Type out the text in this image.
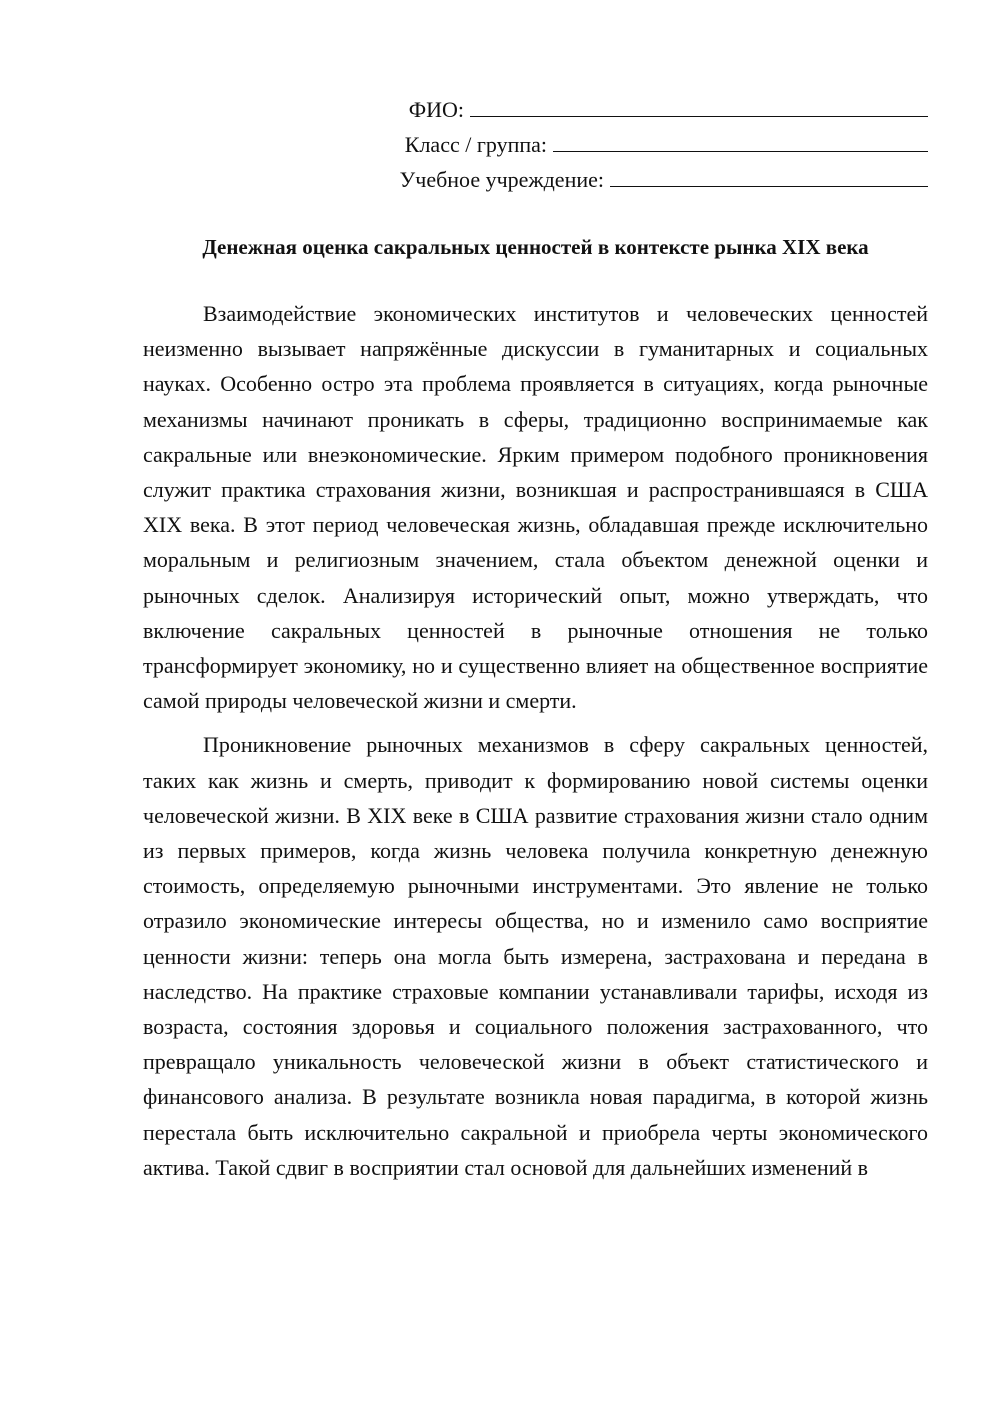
ФИО:
Класс / группа:
Учебное учреждение:
Денежная оценка сакральных ценностей в контексте рынка XIX века

Взаимодействие экономических институтов и человеческих ценностей неизменно вызывает напряжённые дискуссии в гуманитарных и социальных науках. Особенно остро эта проблема проявляется в ситуациях, когда рыночные механизмы начинают проникать в сферы, традиционно воспринимаемые как сакральные или внеэкономические. Ярким примером подобного проникновения служит практика страхования жизни, возникшая и распространившаяся в США XIX века. В этот период человеческая жизнь, обладавшая прежде исключительно моральным и религиозным значением, стала объектом денежной оценки и рыночных сделок. Анализируя исторический опыт, можно утверждать, что включение сакральных ценностей в рыночные отношения не только трансформирует экономику, но и существенно влияет на общественное восприятие самой природы человеческой жизни и смерти.

Проникновение рыночных механизмов в сферу сакральных ценностей, таких как жизнь и смерть, приводит к формированию новой системы оценки человеческой жизни. В XIX веке в США развитие страхования жизни стало одним из первых примеров, когда жизнь человека получила конкретную денежную стоимость, определяемую рыночными инструментами. Это явление не только отразило экономические интересы общества, но и изменило само восприятие ценности жизни: теперь она могла быть измерена, застрахована и передана в наследство. На практике страховые компании устанавливали тарифы, исходя из возраста, состояния здоровья и социального положения застрахованного, что превращало уникальность человеческой жизни в объект статистического и финансового анализа. В результате возникла новая парадигма, в которой жизнь перестала быть исключительно сакральной и приобрела черты экономического актива. Такой сдвиг в восприятии стал основой для дальнейших изменений в
